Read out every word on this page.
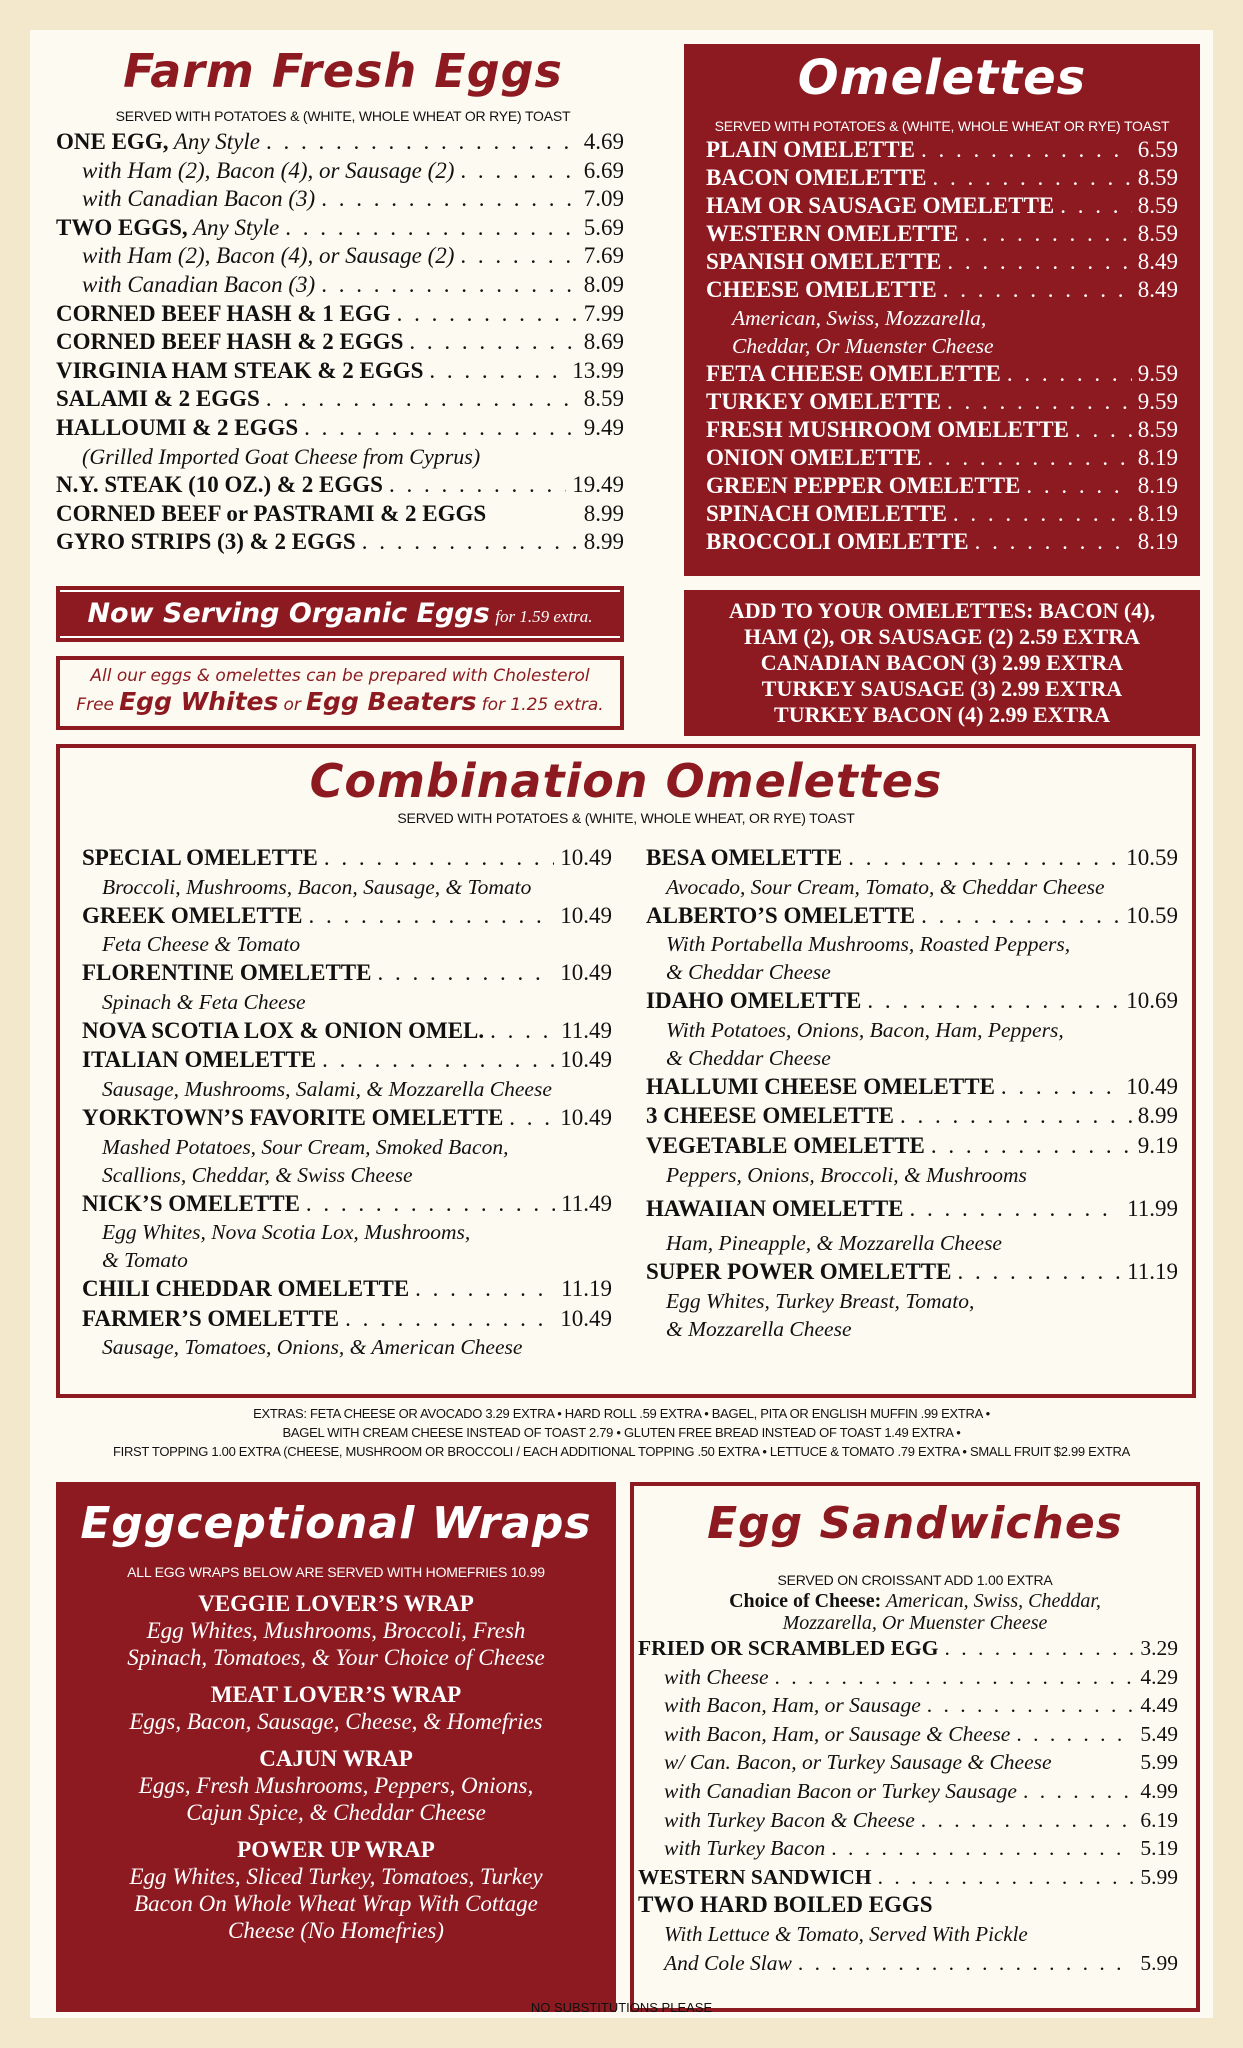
Farm Fresh Eggs
SERVED WITH POTATOES & (WHITE, WHOLE WHEAT OR RYE) TOAST
ONE EGG, Any Style . . .	4.69
with Ham (2), Bacon (4), or Sausage (2) . . .	6.69
with Canadian Bacon (3) . . .	7.09
TWO EGGS, Any Style . . .	5.69
with Ham (2), Bacon (4), or Sausage (2) . . .	7.69
with Canadian Bacon (3) . . .	8.09
CORNED BEEF HASH & 1 EGG . . .	7.99
CORNED BEEF HASH & 2 EGGS . . .	8.69
VIRGINIA HAM STEAK & 2 EGGS . . .	13.99
SALAMI & 2 EGGS . . .	8.59
HALLOUMI & 2 EGGS . . .	9.49
(Grilled Imported Goat Cheese from Cyprus)
N.Y. STEAK (10 OZ.) & 2 EGGS . . .	19.49
CORNED BEEF or PASTRAMI & 2 EGGS	8.99
GYRO STRIPS (3) & 2 EGGS . . .	8.99
Omelettes
SERVED WITH POTATOES & (WHITE, WHOLE WHEAT OR RYE) TOAST
PLAIN OMELETTE . . .	6.59
BACON OMELETTE . . .	8.59
HAM OR SAUSAGE OMELETTE . . .	8.59
WESTERN OMELETTE . . .	8.59
SPANISH OMELETTE . . .	8.49
CHEESE OMELETTE . . .	8.49
American, Swiss, Mozzarella,
Cheddar, Or Muenster Cheese
FETA CHEESE OMELETTE . . .	9.59
TURKEY OMELETTE . . .	9.59
FRESH MUSHROOM OMELETTE . . .	8.59
ONION OMELETTE . . .	8.19
GREEN PEPPER OMELETTE . . .	8.19
SPINACH OMELETTE . . .	8.19
BROCCOLI OMELETTE . . .	8.19
Now Serving Organic Eggs for 1.59 extra.
All our eggs & omelettes can be prepared with Cholesterol
Free Egg Whites or Egg Beaters for 1.25 extra.
ADD TO YOUR OMELETTES: BACON (4),
HAM (2), OR SAUSAGE (2) 2.59 EXTRA
CANADIAN BACON (3) 2.99 EXTRA
TURKEY SAUSAGE (3) 2.99 EXTRA
TURKEY BACON (4) 2.99 EXTRA
Combination Omelettes
SERVED WITH POTATOES & (WHITE, WHOLE WHEAT, OR RYE) TOAST
SPECIAL OMELETTE . . .	10.49
Broccoli, Mushrooms, Bacon, Sausage, & Tomato
GREEK OMELETTE . . .	10.49
Feta Cheese & Tomato
FLORENTINE OMELETTE . . .	10.49
Spinach & Feta Cheese
NOVA SCOTIA LOX & ONION OMEL. . . .	11.49
ITALIAN OMELETTE . . .	10.49
Sausage, Mushrooms, Salami, & Mozzarella Cheese
YORKTOWN’S FAVORITE OMELETTE . . . 10.49
Mashed Potatoes, Sour Cream, Smoked Bacon,
Scallions, Cheddar, & Swiss Cheese
NICK’S OMELETTE . . .	11.49
Egg Whites, Nova Scotia Lox, Mushrooms,
& Tomato
CHILI CHEDDAR OMELETTE . . .	11.19
FARMER’S OMELETTE . . .	10.49
Sausage, Tomatoes, Onions, & American Cheese
BESA OMELETTE . . .	10.59
Avocado, Sour Cream, Tomato, & Cheddar Cheese
ALBERTO’S OMELETTE . . .	10.59
With Portabella Mushrooms, Roasted Peppers,
& Cheddar Cheese
IDAHO OMELETTE . . .	10.69
With Potatoes, Onions, Bacon, Ham, Peppers,
& Cheddar Cheese
HALLUMI CHEESE OMELETTE . . .	10.49
3 CHEESE OMELETTE . . .	8.99
VEGETABLE OMELETTE . . .	9.19
Peppers, Onions, Broccoli, & Mushrooms
HAWAIIAN OMELETTE . . .	11.99
Ham, Pineapple, & Mozzarella Cheese
SUPER POWER OMELETTE . . .	11.19
Egg Whites, Turkey Breast, Tomato,
& Mozzarella Cheese
EXTRAS: FETA CHEESE OR AVOCADO 3.29 EXTRA • HARD ROLL .59 EXTRA • BAGEL, PITA OR ENGLISH MUFFIN .99 EXTRA •
BAGEL WITH CREAM CHEESE INSTEAD OF TOAST 2.79 • GLUTEN FREE BREAD INSTEAD OF TOAST 1.49 EXTRA •
FIRST TOPPING 1.00 EXTRA (CHEESE, MUSHROOM OR BROCCOLI / EACH ADDITIONAL TOPPING .50 EXTRA • LETTUCE & TOMATO .79 EXTRA • SMALL FRUIT $2.99 EXTRA
Eggceptional Wraps
ALL EGG WRAPS BELOW ARE SERVED WITH HOMEFRIES 10.99
VEGGIE LOVER’S WRAP
Egg Whites, Mushrooms, Broccoli, Fresh
Spinach, Tomatoes, & Your Choice of Cheese
MEAT LOVER’S WRAP
Eggs, Bacon, Sausage, Cheese, & Homefries
CAJUN WRAP
Eggs, Fresh Mushrooms, Peppers, Onions,
Cajun Spice, & Cheddar Cheese
POWER UP WRAP
Egg Whites, Sliced Turkey, Tomatoes, Turkey
Bacon On Whole Wheat Wrap With Cottage
Cheese (No Homefries)
Egg Sandwiches
SERVED ON CROISSANT ADD 1.00 EXTRA
Choice of Cheese: American, Swiss, Cheddar,
Mozzarella, Or Muenster Cheese
FRIED OR SCRAMBLED EGG . . .	3.29
with Cheese . . .	4.29
with Bacon, Ham, or Sausage . . .	4.49
with Bacon, Ham, or Sausage & Cheese . . .	5.49
w/ Can. Bacon, or Turkey Sausage & Cheese	5.99
with Canadian Bacon or Turkey Sausage . . .	4.99
with Turkey Bacon & Cheese . . .	6.19
with Turkey Bacon . . .	5.19
WESTERN SANDWICH . . .	5.99
TWO HARD BOILED EGGS
With Lettuce & Tomato, Served With Pickle
And Cole Slaw . . .	5.99
NO SUBSTITUTIONS PLEASE
